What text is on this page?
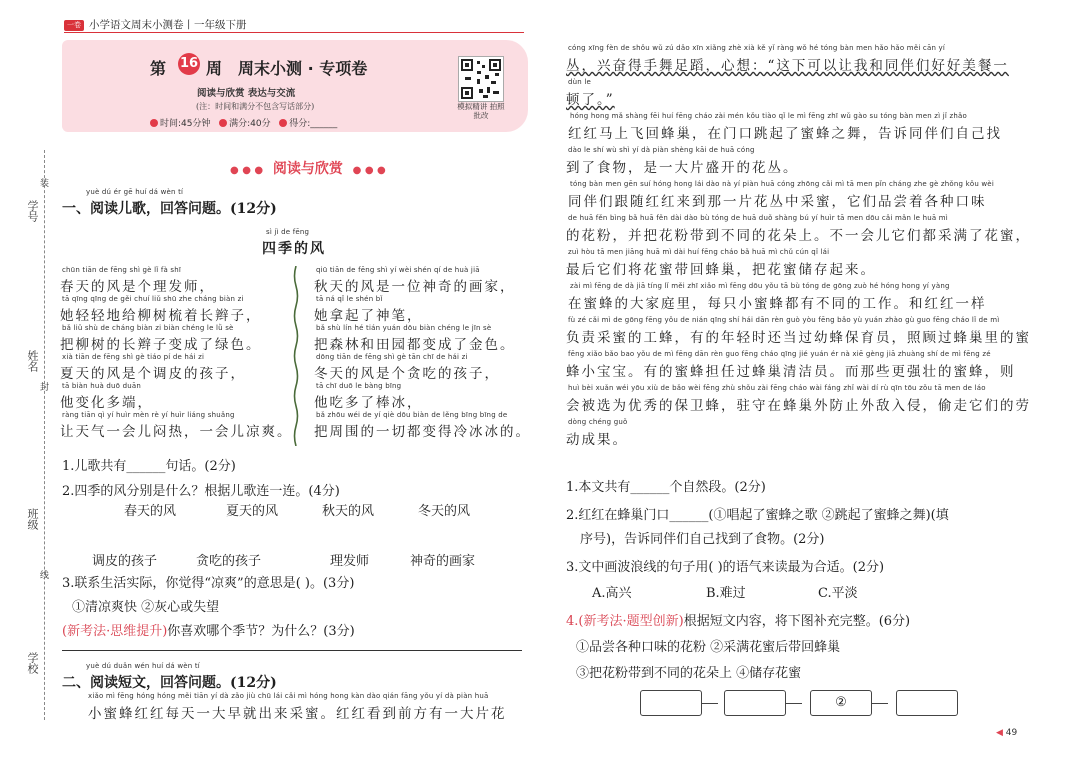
学号
装
姓名
封
班级
线
学校
一卷 小学语文周末小测卷丨一年级下册
第 16 周 周末小测 · 专项卷
阅读与欣赏 表达与交流
(注：时间和满分不包含写话部分)
时间:45分钟 满分:40分 得分:______
模拟精讲 拍照批改
● ● ● 阅读与欣赏 ● ● ●
yuè dú ér gē huí dá wèn tí
一、阅读儿歌，回答问题。(12分)
sì jì de fēng
四季的风
chūn tiān de fēng shì gè lǐ fà shī
春天的风是个理发师，
tā qīng qīng de gěi chuí liǔ shū zhe cháng biàn zi
她轻轻地给柳树梳着长辫子，
bǎ liǔ shù de cháng biàn zi biàn chéng le lǜ sè
把柳树的长辫子变成了绿色。
xià tiān de fēng shì gè tiáo pí de hái zi
夏天的风是个调皮的孩子，
tā biàn huà duō duān
他变化多端，
ràng tiān qì yí huìr mèn rè yí huìr liáng shuǎng
让天气一会儿闷热，一会儿凉爽。
qiū tiān de fēng shì yí wèi shén qí de huà jiā
秋天的风是一位神奇的画家，
tā ná qǐ le shén bǐ
她拿起了神笔，
bǎ shù lín hé tián yuán dōu biàn chéng le jīn sè
把森林和田园都变成了金色。
dōng tiān de fēng shì gè tān chī de hái zi
冬天的风是个贪吃的孩子，
tā chī duō le bàng bīng
他吃多了棒冰，
bǎ zhōu wéi de yí qiè dōu biàn de lěng bīng bīng de
把周围的一切都变得冷冰冰的。
1.儿歌共有______句话。(2分)
2.四季的风分别是什么？根据儿歌连一连。(4分)
春天的风	夏天的风	秋天的风	冬天的风
调皮的孩子	贪吃的孩子	理发师	神奇的画家
3.联系生活实际，你觉得“凉爽”的意思是( )。(3分)
①清凉爽快 ②灰心或失望
(新考法·思维提升)你喜欢哪个季节？为什么？(3分)
yuè dú duǎn wén huí dá wèn tí
二、阅读短文，回答问题。(12分)
xiǎo mì fēng hóng hóng měi tiān yí dà zǎo jiù chū lái cǎi mì hóng hong kàn dào qián fāng yǒu yí dà piàn huā
小蜜蜂红红每天一大早就出来采蜜。红红看到前方有一大片花
cóng xīng fèn de shǒu wǔ zú dǎo xīn xiǎng zhè xià kě yǐ ràng wǒ hé tóng bàn men hǎo hǎo měi cān yí
丛，兴奋得手舞足蹈，心想：“这下可以让我和同伴们好好美餐一
dùn le
顿了。”
hóng hong mǎ shàng fēi huí fēng cháo zài mén kǒu tiào qǐ le mì fēng zhī wǔ gào su tóng bàn men zì jǐ zhǎo
红红马上飞回蜂巢，在门口跳起了蜜蜂之舞，告诉同伴们自己找
dào le shí wù shì yí dà piàn shèng kāi de huā cóng
到了食物，是一大片盛开的花丛。
tóng bàn men gēn suí hóng hong lái dào nà yí piàn huā cóng zhōng cǎi mì tā men pǐn cháng zhe gè zhǒng kǒu wèi
同伴们跟随红红来到那一片花丛中采蜜，它们品尝着各种口味
de huā fěn bìng bǎ huā fěn dài dào bù tóng de huā duǒ shàng bú yí huìr tā men dōu cǎi mǎn le huā mì
的花粉，并把花粉带到不同的花朵上。不一会儿它们都采满了花蜜，
zuì hòu tā men jiāng huā mì dài huí fēng cháo bǎ huā mì chǔ cún qǐ lái
最后它们将花蜜带回蜂巢，把花蜜储存起来。
zài mì fēng de dà jiā tíng lǐ měi zhī xiǎo mì fēng dōu yǒu tā bù tóng de gōng zuò hé hóng hong yí yàng
在蜜蜂的大家庭里，每只小蜜蜂都有不同的工作。和红红一样
fù zé cǎi mì de gōng fēng yǒu de nián qīng shí hái dān rèn guò yòu fēng bǎo yù yuán zhào gù guo fēng cháo lǐ de mì
负责采蜜的工蜂，有的年轻时还当过幼蜂保育员，照顾过蜂巢里的蜜
fēng xiǎo bǎo bao yǒu de mì fēng dān rèn guo fēng cháo qīng jié yuán ér nà xiē gèng jiā zhuàng shí de mì fēng zé
蜂小宝宝。有的蜜蜂担任过蜂巢清洁员。而那些更强壮的蜜蜂，则
huì bèi xuǎn wéi yōu xiù de bǎo wèi fēng zhù shǒu zài fēng cháo wài fáng zhǐ wài dí rù qīn tōu zǒu tā men de láo
会被选为优秀的保卫蜂，驻守在蜂巢外防止外敌入侵，偷走它们的劳
dòng chéng guǒ
动成果。
1.本文共有______个自然段。(2分)
2.红红在蜂巢门口______(①唱起了蜜蜂之歌 ②跳起了蜜蜂之舞)(填
序号)，告诉同伴们自己找到了食物。(2分)
3.文中画波浪线的句子用( )的语气来读最为合适。(2分)
A.高兴	B.难过	C.平淡
4.(新考法·题型创新)根据短文内容，将下图补充完整。(6分)
①品尝各种口味的花粉 ②采满花蜜后带回蜂巢
③把花粉带到不同的花朵上 ④储存花蜜
②
◀ 49
